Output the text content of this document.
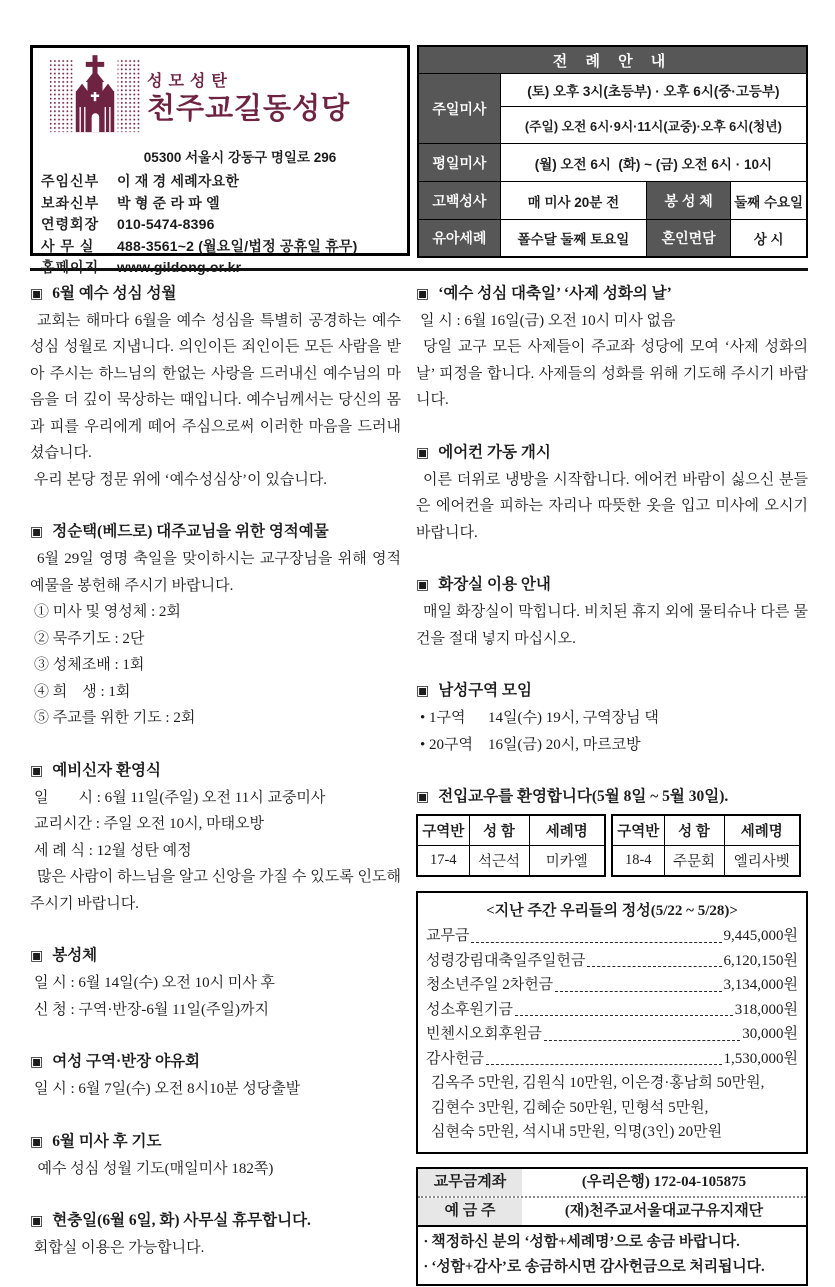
성모성탄
천주교길동성당
05300 서울시 강동구 명일로 296
주임신부	이 재 경 세례자요한
보좌신부	박 형 준 라 파 엘
연령회장	010-5474-8396
사 무 실	488-3561~2 (월요일/법정 공휴일 휴무)
홈페이지	www.gildong.or.kr
전 례 안 내			
주일미사	(토) 오후 3시(초등부) · 오후 6시(중·고등부)		
	(주일) 오전 6시·9시·11시(교중)·오후 6시(청년)		
평일미사	(월) 오전 6시  (화) ~ (금) 오전 6시 · 10시		
고백성사	매 미사 20분 전	봉 성 체	둘째 수요일
유아세례	폴수달 둘째 토요일	혼인면담	상 시
▣ 6월 예수 성심 성월

교회는 해마다 6월을 예수 성심을 특별히 공경하는 예수 성심 성월로 지냅니다. 의인이든 죄인이든 모든 사람을 받아 주시는 하느님의 한없는 사랑을 드러내신 예수님의 마음을 더 깊이 묵상하는 때입니다. 예수님께서는 당신의 몸과 피를 우리에게 떼어 주심으로써 이러한 마음을 드러내셨습니다.

우리 본당 정문 위에 ‘예수성심상’이 있습니다.
▣ 정순택(베드로) 대주교님을 위한 영적예물

6월 29일 영명 축일을 맞이하시는 교구장님을 위해 영적 예물을 봉헌해 주시기 바랍니다.

① 미사 및 영성체 : 2회
② 묵주기도 : 2단
③ 성체조배 : 1회
④ 희    생 : 1회
⑤ 주교를 위한 기도 : 2회
▣ 예비신자 환영식
일        시 : 6월 11일(주일) 오전 11시 교중미사
교리시간 : 주일 오전 10시, 마태오방
세 례 식 : 12월 성탄 예정

많은 사람이 하느님을 알고 신앙을 가질 수 있도록 인도해 주시기 바랍니다.

▣ 봉성체
일 시 : 6월 14일(수) 오전 10시 미사 후
신 청 : 구역·반장-6월 11일(주일)까지
▣ 여성 구역·반장 야유회
일 시 : 6월 7일(수) 오전 8시10분 성당출발
▣ 6월 미사 후 기도
예수 성심 성월 기도(매일미사 182쪽)
▣ 현충일(6월 6일, 화) 사무실 휴무합니다.
회합실 이용은 가능합니다.
▣ ‘예수 성심 대축일’ ‘사제 성화의 날’
일 시 : 6월 16일(금) 오전 10시 미사 없음

당일 교구 모든 사제들이 주교좌 성당에 모여 ‘사제 성화의 날’ 피정을 합니다. 사제들의 성화를 위해 기도해 주시기 바랍니다.

▣ 에어컨 가동 개시

이른 더위로 냉방을 시작합니다. 에어컨 바람이 싫으신 분들은 에어컨을 피하는 자리나 따뜻한 옷을 입고 미사에 오시기 바랍니다.

▣ 화장실 이용 안내

매일 화장실이 막힙니다. 비치된 휴지 외에 물티슈나 다른 물건을 절대 넣지 마십시오.

▣ 남성구역 모임
• 1구역      14일(수) 19시, 구역장님 댁
• 20구역    16일(금) 20시, 마르코방
▣ 전입교우를 환영합니다(5월 8일 ~ 5월 30일).
구역반	성 함	세례명
17-4	석근석	미카엘
구역반	성 함	세례명
18-4	주문회	엘리사벳
<지난 주간 우리들의 정성(5/22 ~ 5/28)>
교무금	9,445,000원
성령강림대축일주일헌금	6,120,150원
청소년주일 2차헌금	3,134,000원
성소후원기금	318,000원
빈첸시오회후원금	30,000원
감사헌금	1,530,000원
김옥주 5만원, 김원식 10만원, 이은경·홍남희 50만원,
김현수 3만원, 김혜순 50만원, 민형석 5만원,
심현숙 5만원, 석시내 5만원, 익명(3인) 20만원
교무금계좌	(우리은행) 172-04-105875
예 금 주	(재)천주교서울대교구유지재단
∙ 책정하신 분의 ‘성함+세례명’으로 송금 바랍니다.
∙ ‘성함+감사’로 송금하시면 감사헌금으로 처리됩니다.
